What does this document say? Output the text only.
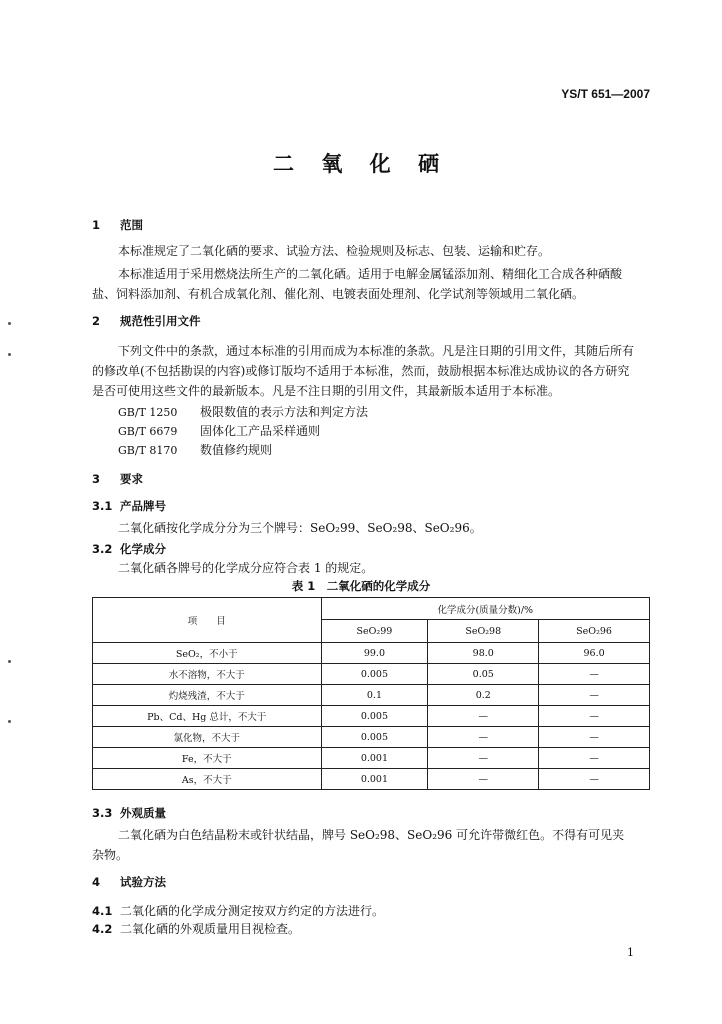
YS/T 651—2007
二 氧 化 硒
1 范围
本标准规定了二氧化硒的要求、试验方法、检验规则及标志、包装、运输和贮存。
本标准适用于采用燃烧法所生产的二氧化硒。适用于电解金属锰添加剂、精细化工合成各种硒酸
盐、饲料添加剂、有机合成氧化剂、催化剂、电镀表面处理剂、化学试剂等领域用二氧化硒。
2 规范性引用文件
下列文件中的条款，通过本标准的引用而成为本标准的条款。凡是注日期的引用文件，其随后所有
的修改单(不包括勘误的内容)或修订版均不适用于本标准，然而，鼓励根据本标准达成协议的各方研究
是否可使用这些文件的最新版本。凡是不注日期的引用文件，其最新版本适用于本标准。
GB/T 1250 极限数值的表示方法和判定方法
GB/T 6679 固体化工产品采样通则
GB/T 8170 数值修约规则
3 要求
3.1 产品牌号
二氧化硒按化学成分分为三个牌号：SeO₂99、SeO₂98、SeO₂96。
3.2 化学成分
二氧化硒各牌号的化学成分应符合表 1 的规定。
表 1　二氧化硒的化学成分
项　　目	化学成分(质量分数)/%		
	SeO₂99	SeO₂98	SeO₂96
SeO₂，不小于	99.0	98.0	96.0
水不溶物，不大于	0.005	0.05	—
灼烧残渣，不大于	0.1	0.2	—
Pb、Cd、Hg 总计，不大于	0.005	—	—
氯化物，不大于	0.005	—	—
Fe，不大于	0.001	—	—
As，不大于	0.001	—	—
3.3 外观质量
二氧化硒为白色结晶粉末或针状结晶，牌号 SeO₂98、SeO₂96 可允许带微红色。不得有可见夹
杂物。
4 试验方法
4.1 二氧化硒的化学成分测定按双方约定的方法进行。
4.2 二氧化硒的外观质量用目视检查。
1
